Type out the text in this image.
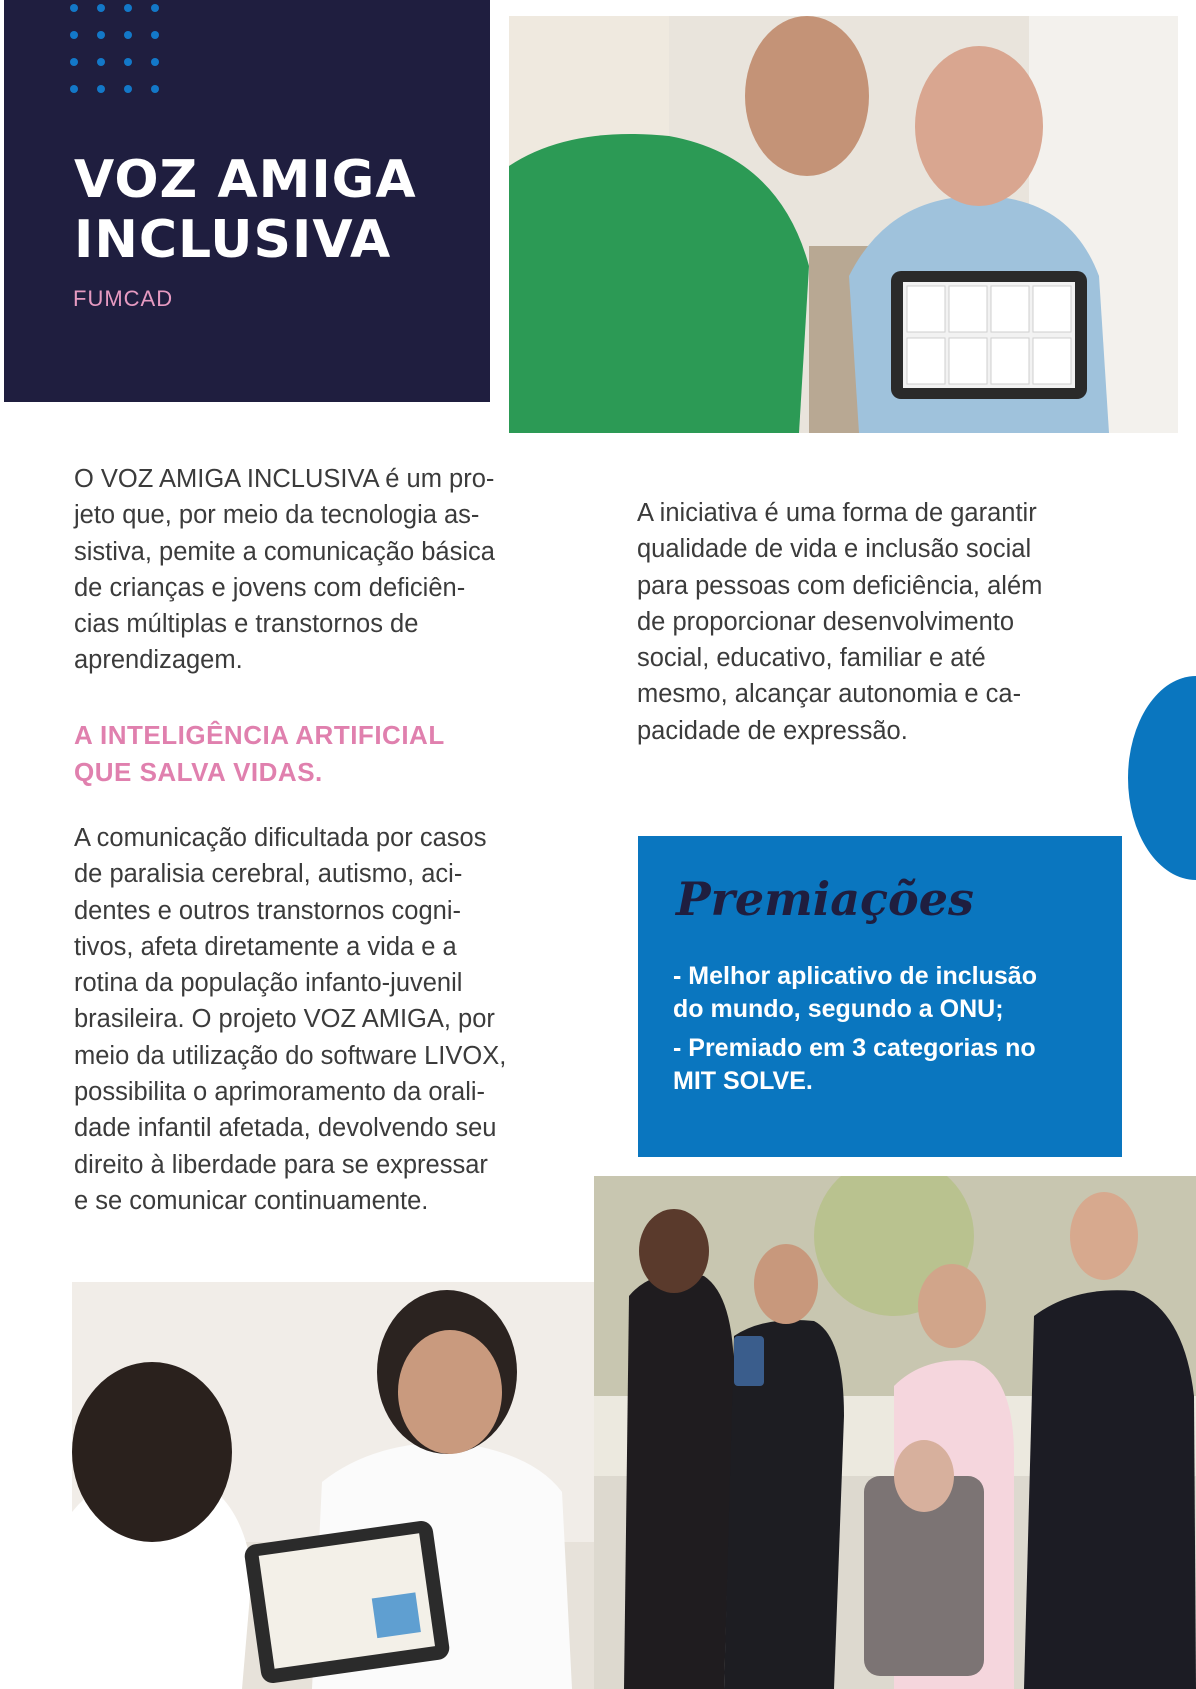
VOZ AMIGA
INCLUSIVA
FUMCAD

O VOZ AMIGA INCLUSIVA é um pro-

jeto que, por meio da tecnologia as-

sistiva, pemite a comunicação básica

de crianças e jovens com deficiên-

cias múltiplas e transtornos de

aprendizagem.

A INTELIGÊNCIA ARTIFICIAL
QUE SALVA VIDAS.

A comunicação dificultada por casos

de paralisia cerebral, autismo, aci-

dentes e outros transtornos cogni-

tivos, afeta diretamente a vida e a

rotina da população infanto-juvenil

brasileira. O projeto VOZ AMIGA, por

meio da utilização do software LIVOX,

possibilita o aprimoramento da orali-

dade infantil afetada, devolvendo seu

direito à liberdade para se expressar

e se comunicar continuamente.

A iniciativa é uma forma de garantir

qualidade de vida e inclusão social

para pessoas com deficiência, além

de proporcionar desenvolvimento

social, educativo, familiar e até

mesmo, alcançar autonomia e ca-

pacidade de expressão.

Premiações
- Melhor aplicativo de inclusão
do mundo, segundo a ONU;
- Premiado em 3 categorias no
MIT SOLVE.
